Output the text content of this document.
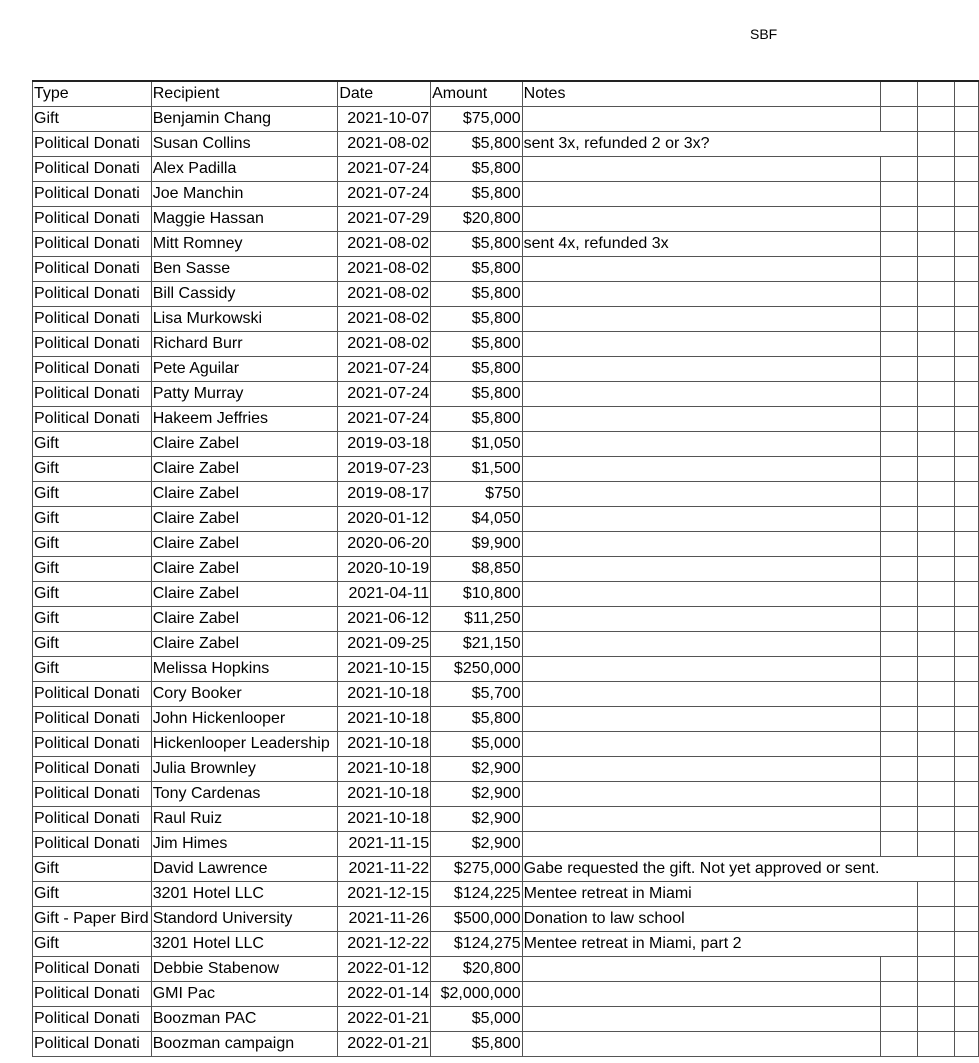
SBF
Type	Recipient	Date	Amount	Notes			
Gift	Benjamin Chang	2021-10-07	$75,000				
Political Donati	Susan Collins	2021-08-02	$5,800	sent 3x, refunded 2 or 3x?			
Political Donati	Alex Padilla	2021-07-24	$5,800				
Political Donati	Joe Manchin	2021-07-24	$5,800				
Political Donati	Maggie Hassan	2021-07-29	$20,800				
Political Donati	Mitt Romney	2021-08-02	$5,800	sent 4x, refunded 3x			
Political Donati	Ben Sasse	2021-08-02	$5,800				
Political Donati	Bill Cassidy	2021-08-02	$5,800				
Political Donati	Lisa Murkowski	2021-08-02	$5,800				
Political Donati	Richard Burr	2021-08-02	$5,800				
Political Donati	Pete Aguilar	2021-07-24	$5,800				
Political Donati	Patty Murray	2021-07-24	$5,800				
Political Donati	Hakeem Jeffries	2021-07-24	$5,800				
Gift	Claire Zabel	2019-03-18	$1,050				
Gift	Claire Zabel	2019-07-23	$1,500				
Gift	Claire Zabel	2019-08-17	$750				
Gift	Claire Zabel	2020-01-12	$4,050				
Gift	Claire Zabel	2020-06-20	$9,900				
Gift	Claire Zabel	2020-10-19	$8,850				
Gift	Claire Zabel	2021-04-11	$10,800				
Gift	Claire Zabel	2021-06-12	$11,250				
Gift	Claire Zabel	2021-09-25	$21,150				
Gift	Melissa Hopkins	2021-10-15	$250,000				
Political Donati	Cory Booker	2021-10-18	$5,700				
Political Donati	John Hickenlooper	2021-10-18	$5,800				
Political Donati	Hickenlooper Leadership	2021-10-18	$5,000				
Political Donati	Julia Brownley	2021-10-18	$2,900				
Political Donati	Tony Cardenas	2021-10-18	$2,900				
Political Donati	Raul Ruiz	2021-10-18	$2,900				
Political Donati	Jim Himes	2021-11-15	$2,900				
Gift	David Lawrence	2021-11-22	$275,000	Gabe requested the gift. Not yet approved or sent.			
Gift	3201 Hotel LLC	2021-12-15	$124,225	Mentee retreat in Miami			
Gift - Paper Bird	Standord University	2021-11-26	$500,000	Donation to law school			
Gift	3201 Hotel LLC	2021-12-22	$124,275	Mentee retreat in Miami, part 2			
Political Donati	Debbie Stabenow	2022-01-12	$20,800				
Political Donati	GMI Pac	2022-01-14	$2,000,000				
Political Donati	Boozman PAC	2022-01-21	$5,000				
Political Donati	Boozman campaign	2022-01-21	$5,800				
